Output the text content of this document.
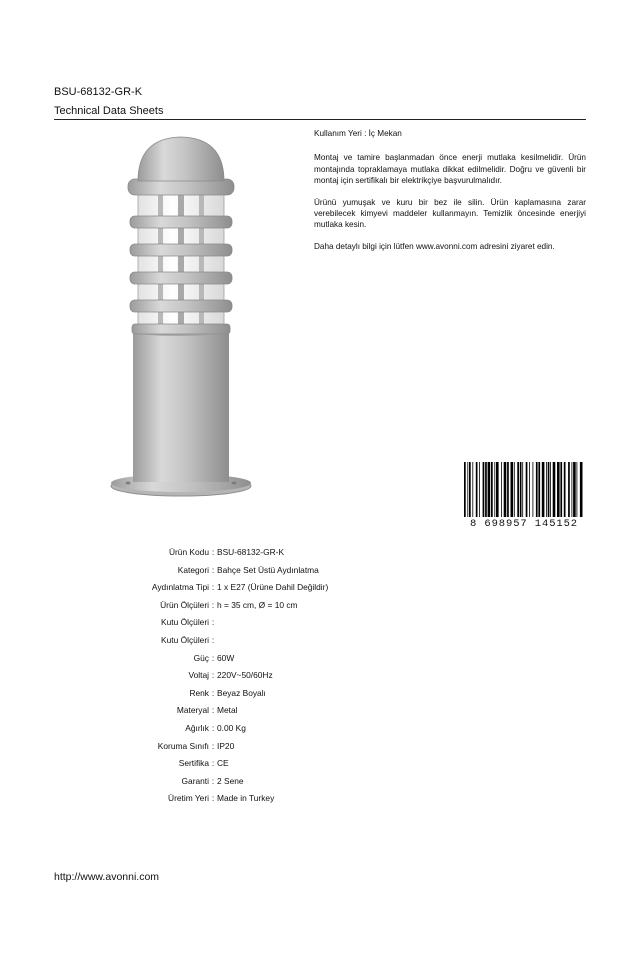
BSU-68132-GR-K
Technical Data Sheets

Kullanım Yeri : İç Mekan

Montaj ve tamire başlanmadan önce enerji mutlaka kesilmelidir. Ürün montajında topraklamaya mutlaka dikkat edilmelidir. Doğru ve güvenli bir montaj için sertifikalı bir elektrikçiye başvurulmalıdır.

Ürünü yumuşak ve kuru bir bez ile silin. Ürün kaplamasına zarar verebilecek kimyevi maddeler kullanmayın. Temizlik öncesinde enerjiyi mutlaka kesin.

Daha detaylı bilgi için lütfen www.avonni.com adresini ziyaret edin.

8 698957 145152
Ürün Kodu : BSU-68132-GR-K
Kategori : Bahçe Set Üstü Aydınlatma
Aydınlatma Tipi : 1 x E27 (Ürüne Dahil Değildir)
Ürün Ölçüleri : h = 35 cm, Ø = 10 cm
Kutu Ölçüleri :
Kutu Ölçüleri :
Güç : 60W
Voltaj : 220V~50/60Hz
Renk : Beyaz Boyalı
Materyal : Metal
Ağırlık : 0.00 Kg
Koruma Sınıfı : IP20
Sertifika : CE
Garanti : 2 Sene
Üretim Yeri : Made in Turkey
http://www.avonni.com
